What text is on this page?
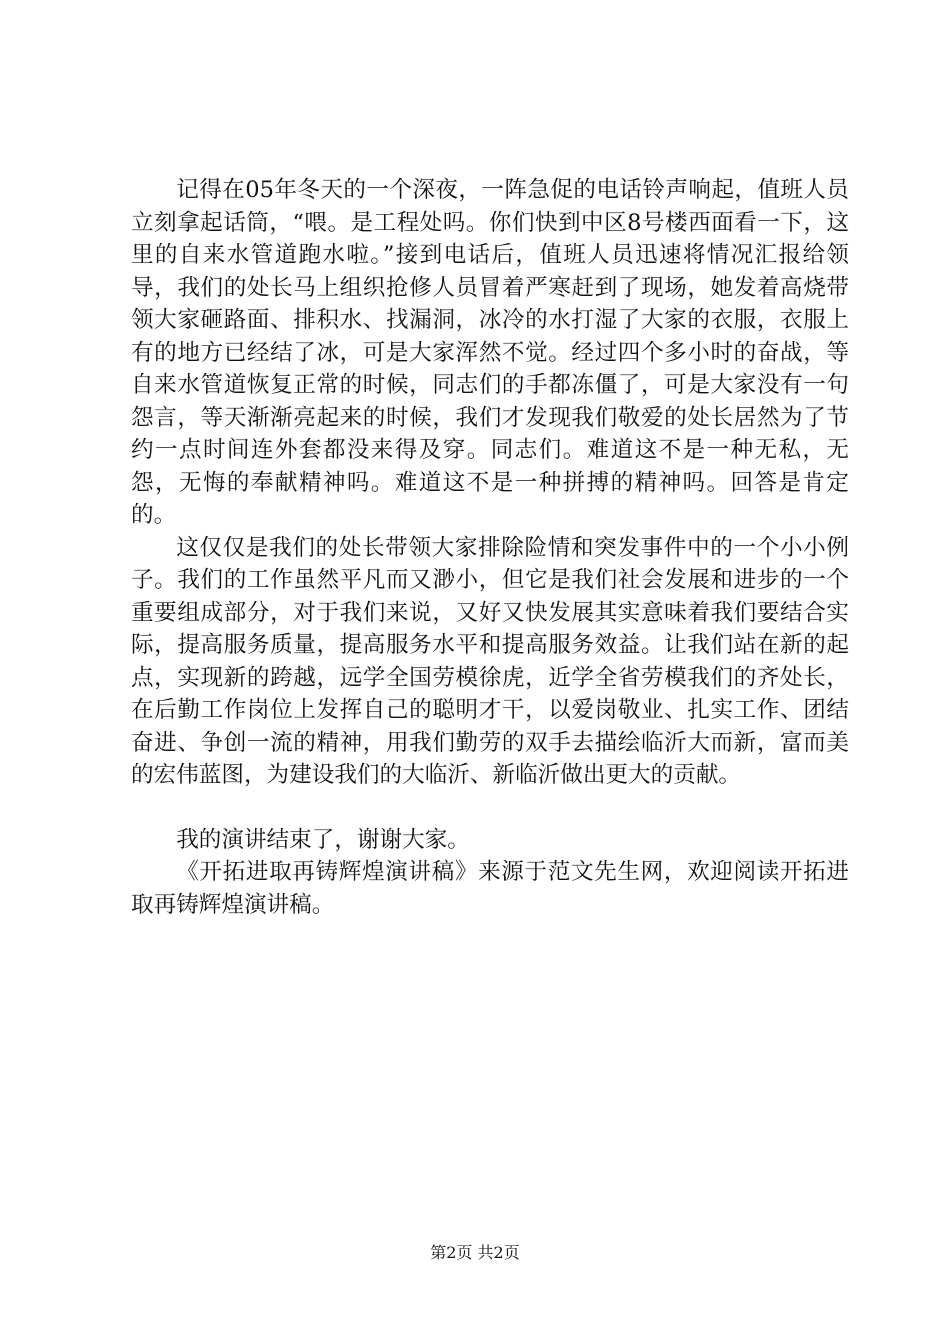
记得在05年冬天的一个深夜，一阵急促的电话铃声响起，值班人员立刻拿起话筒，“喂。是工程处吗。你们快到中区8号楼西面看一下，这里的自来水管道跑水啦。”接到电话后，值班人员迅速将情况汇报给领导，我们的处长马上组织抢修人员冒着严寒赶到了现场，她发着高烧带领大家砸路面、排积水、找漏洞，冰冷的水打湿了大家的衣服，衣服上有的地方已经结了冰，可是大家浑然不觉。经过四个多小时的奋战，等自来水管道恢复正常的时候，同志们的手都冻僵了，可是大家没有一句怨言，等天渐渐亮起来的时候，我们才发现我们敬爱的处长居然为了节约一点时间连外套都没来得及穿。同志们。难道这不是一种无私，无怨，无悔的奉献精神吗。难道这不是一种拼搏的精神吗。回答是肯定的。

这仅仅是我们的处长带领大家排除险情和突发事件中的一个小小例子。我们的工作虽然平凡而又渺小，但它是我们社会发展和进步的一个重要组成部分，对于我们来说，又好又快发展其实意味着我们要结合实际，提高服务质量，提高服务水平和提高服务效益。让我们站在新的起点，实现新的跨越，远学全国劳模徐虎，近学全省劳模我们的齐处长，在后勤工作岗位上发挥自己的聪明才干，以爱岗敬业、扎实工作、团结奋进、争创一流的精神，用我们勤劳的双手去描绘临沂大而新，富而美的宏伟蓝图，为建设我们的大临沂、新临沂做出更大的贡献。

我的演讲结束了，谢谢大家。

《开拓进取再铸辉煌演讲稿》来源于范文先生网，欢迎阅读开拓进取再铸辉煌演讲稿。

第2页 共2页
